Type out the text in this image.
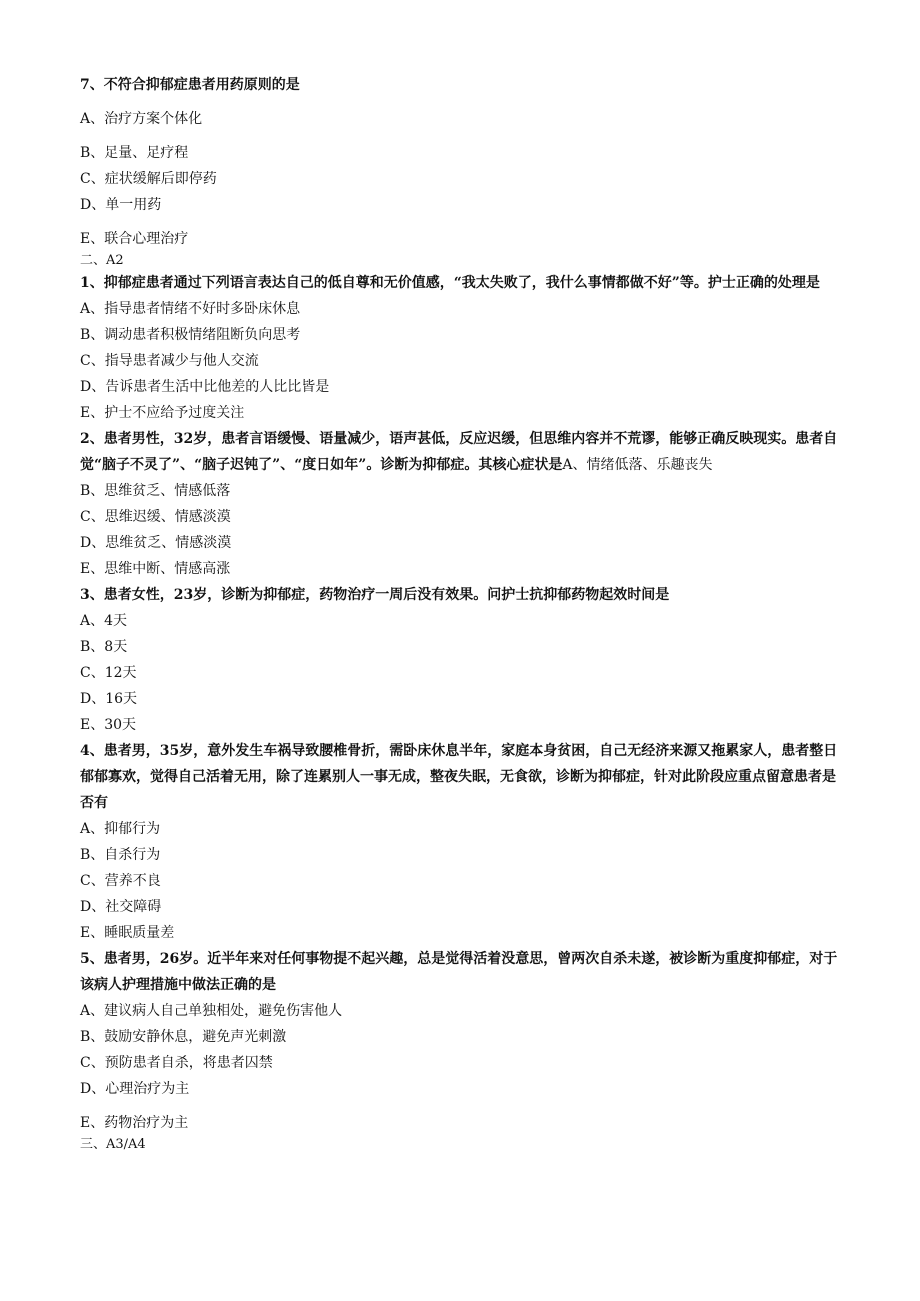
7、不符合抑郁症患者用药原则的是
A、治疗方案个体化
B、足量、足疗程
C、症状缓解后即停药
D、单一用药
E、联合心理治疗
二、A2
1、抑郁症患者通过下列语言表达自己的低自尊和无价值感，“我太失败了，我什么事情都做不好”等。护士正确的处理是
A、指导患者情绪不好时多卧床休息
B、调动患者积极情绪阻断负向思考
C、指导患者减少与他人交流
D、告诉患者生活中比他差的人比比皆是
E、护士不应给予过度关注
2、患者男性，32岁，患者言语缓慢、语量减少，语声甚低，反应迟缓，但思维内容并不荒谬，能够正确反映现实。患者自觉“脑子不灵了”、“脑子迟钝了”、“度日如年”。诊断为抑郁症。其核心症状是A、情绪低落、乐趣丧失
B、思维贫乏、情感低落
C、思维迟缓、情感淡漠
D、思维贫乏、情感淡漠
E、思维中断、情感高涨
3、患者女性，23岁，诊断为抑郁症，药物治疗一周后没有效果。问护士抗抑郁药物起效时间是
A、4天
B、8天
C、12天
D、16天
E、30天
4、患者男，35岁，意外发生车祸导致腰椎骨折，需卧床休息半年，家庭本身贫困，自己无经济来源又拖累家人，患者整日郁郁寡欢，觉得自己活着无用，除了连累别人一事无成，整夜失眠，无食欲，诊断为抑郁症，针对此阶段应重点留意患者是否有
A、抑郁行为
B、自杀行为
C、营养不良
D、社交障碍
E、睡眠质量差
5、患者男，26岁。近半年来对任何事物提不起兴趣，总是觉得活着没意思，曾两次自杀未遂，被诊断为重度抑郁症，对于该病人护理措施中做法正确的是
A、建议病人自己单独相处，避免伤害他人
B、鼓励安静休息，避免声光刺激
C、预防患者自杀，将患者囚禁
D、心理治疗为主
E、药物治疗为主
三、A3/A4
